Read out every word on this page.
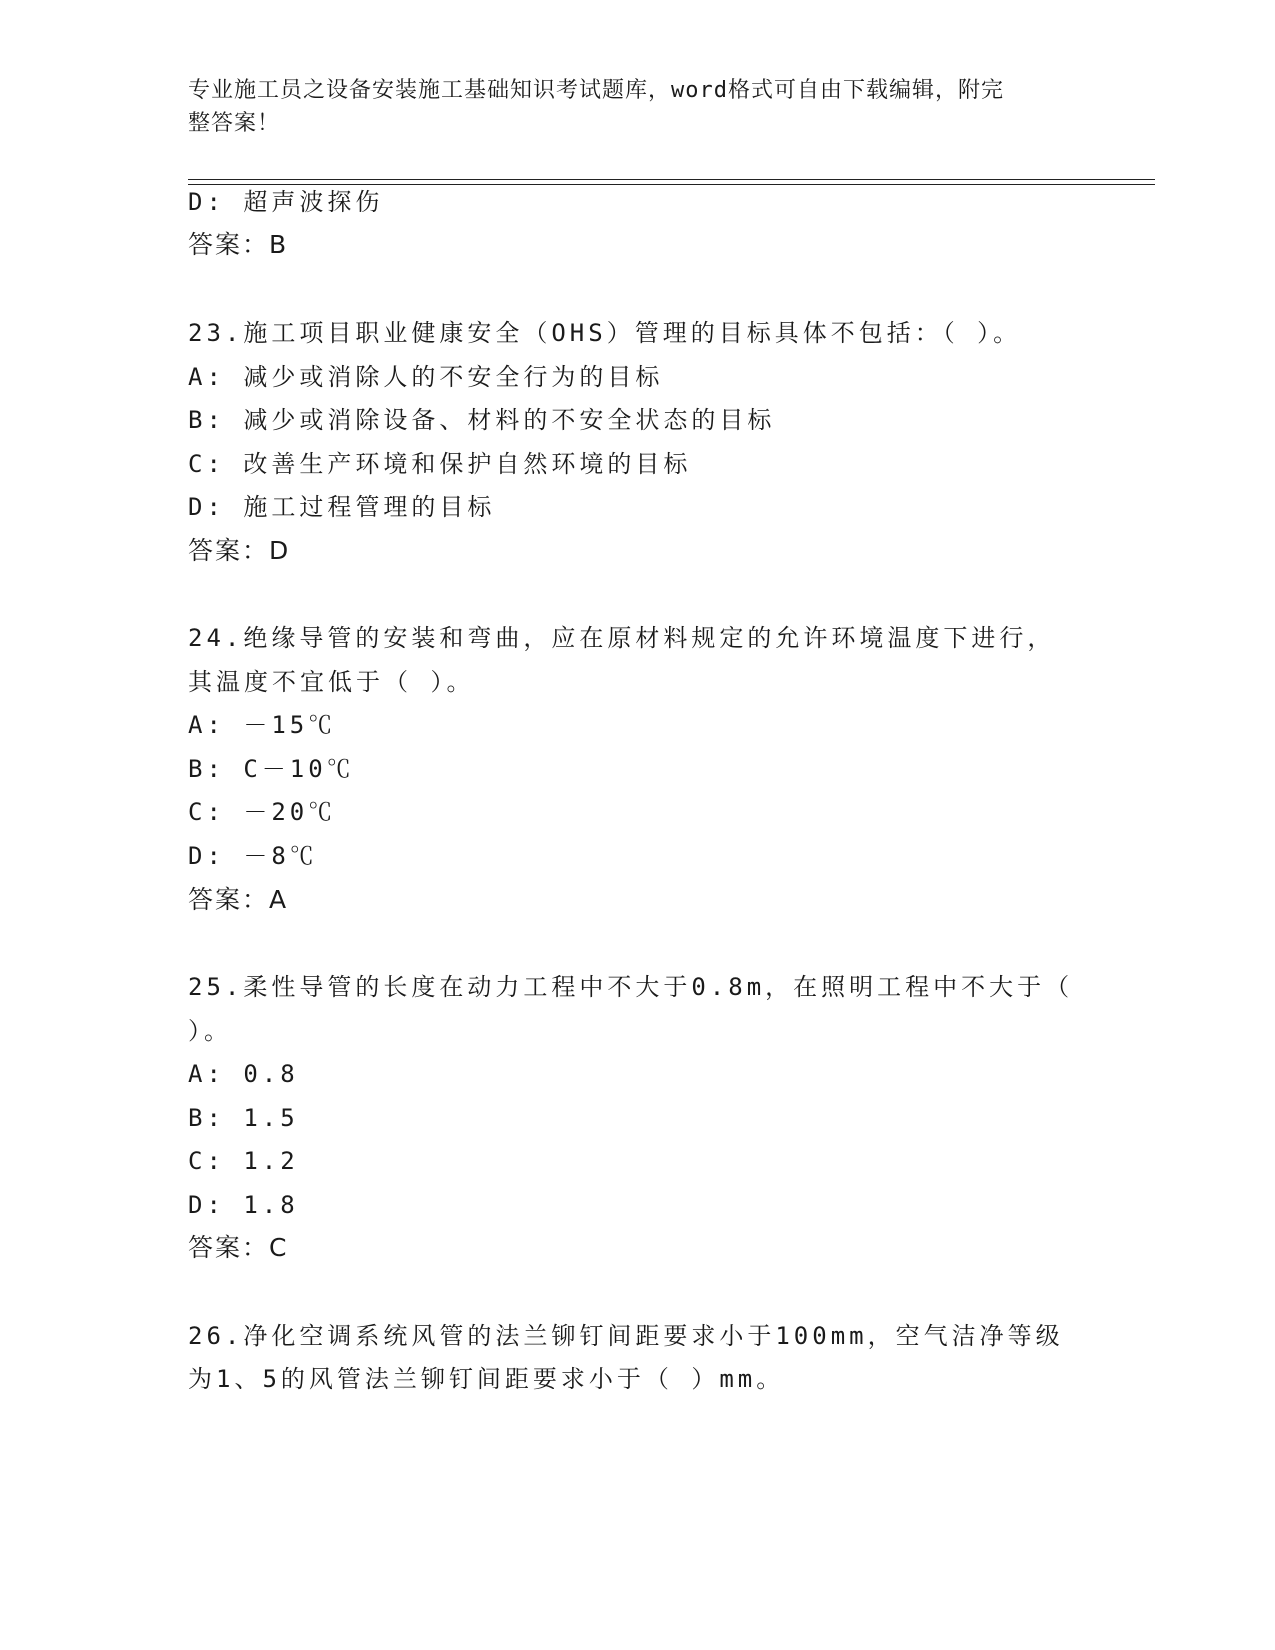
专业施工员之设备安装施工基础知识考试题库，word格式可自由下载编辑，附完
整答案！
D: 超声波探伤
答案：B
23.施工项目职业健康安全（OHS）管理的目标具体不包括：（ ）。
A: 减少或消除人的不安全行为的目标
B: 减少或消除设备、材料的不安全状态的目标
C: 改善生产环境和保护自然环境的目标
D: 施工过程管理的目标
答案：D
24.绝缘导管的安装和弯曲，应在原材料规定的允许环境温度下进行，
其温度不宜低于（ ）。
A: －15℃
B: C－10℃
C: －20℃
D: －8℃
答案：A
25.柔性导管的长度在动力工程中不大于0.8m，在照明工程中不大于（
）。
A: 0.8
B: 1.5
C: 1.2
D: 1.8
答案：C
26.净化空调系统风管的法兰铆钉间距要求小于100mm，空气洁净等级
为1、5的风管法兰铆钉间距要求小于（ ）mm。
